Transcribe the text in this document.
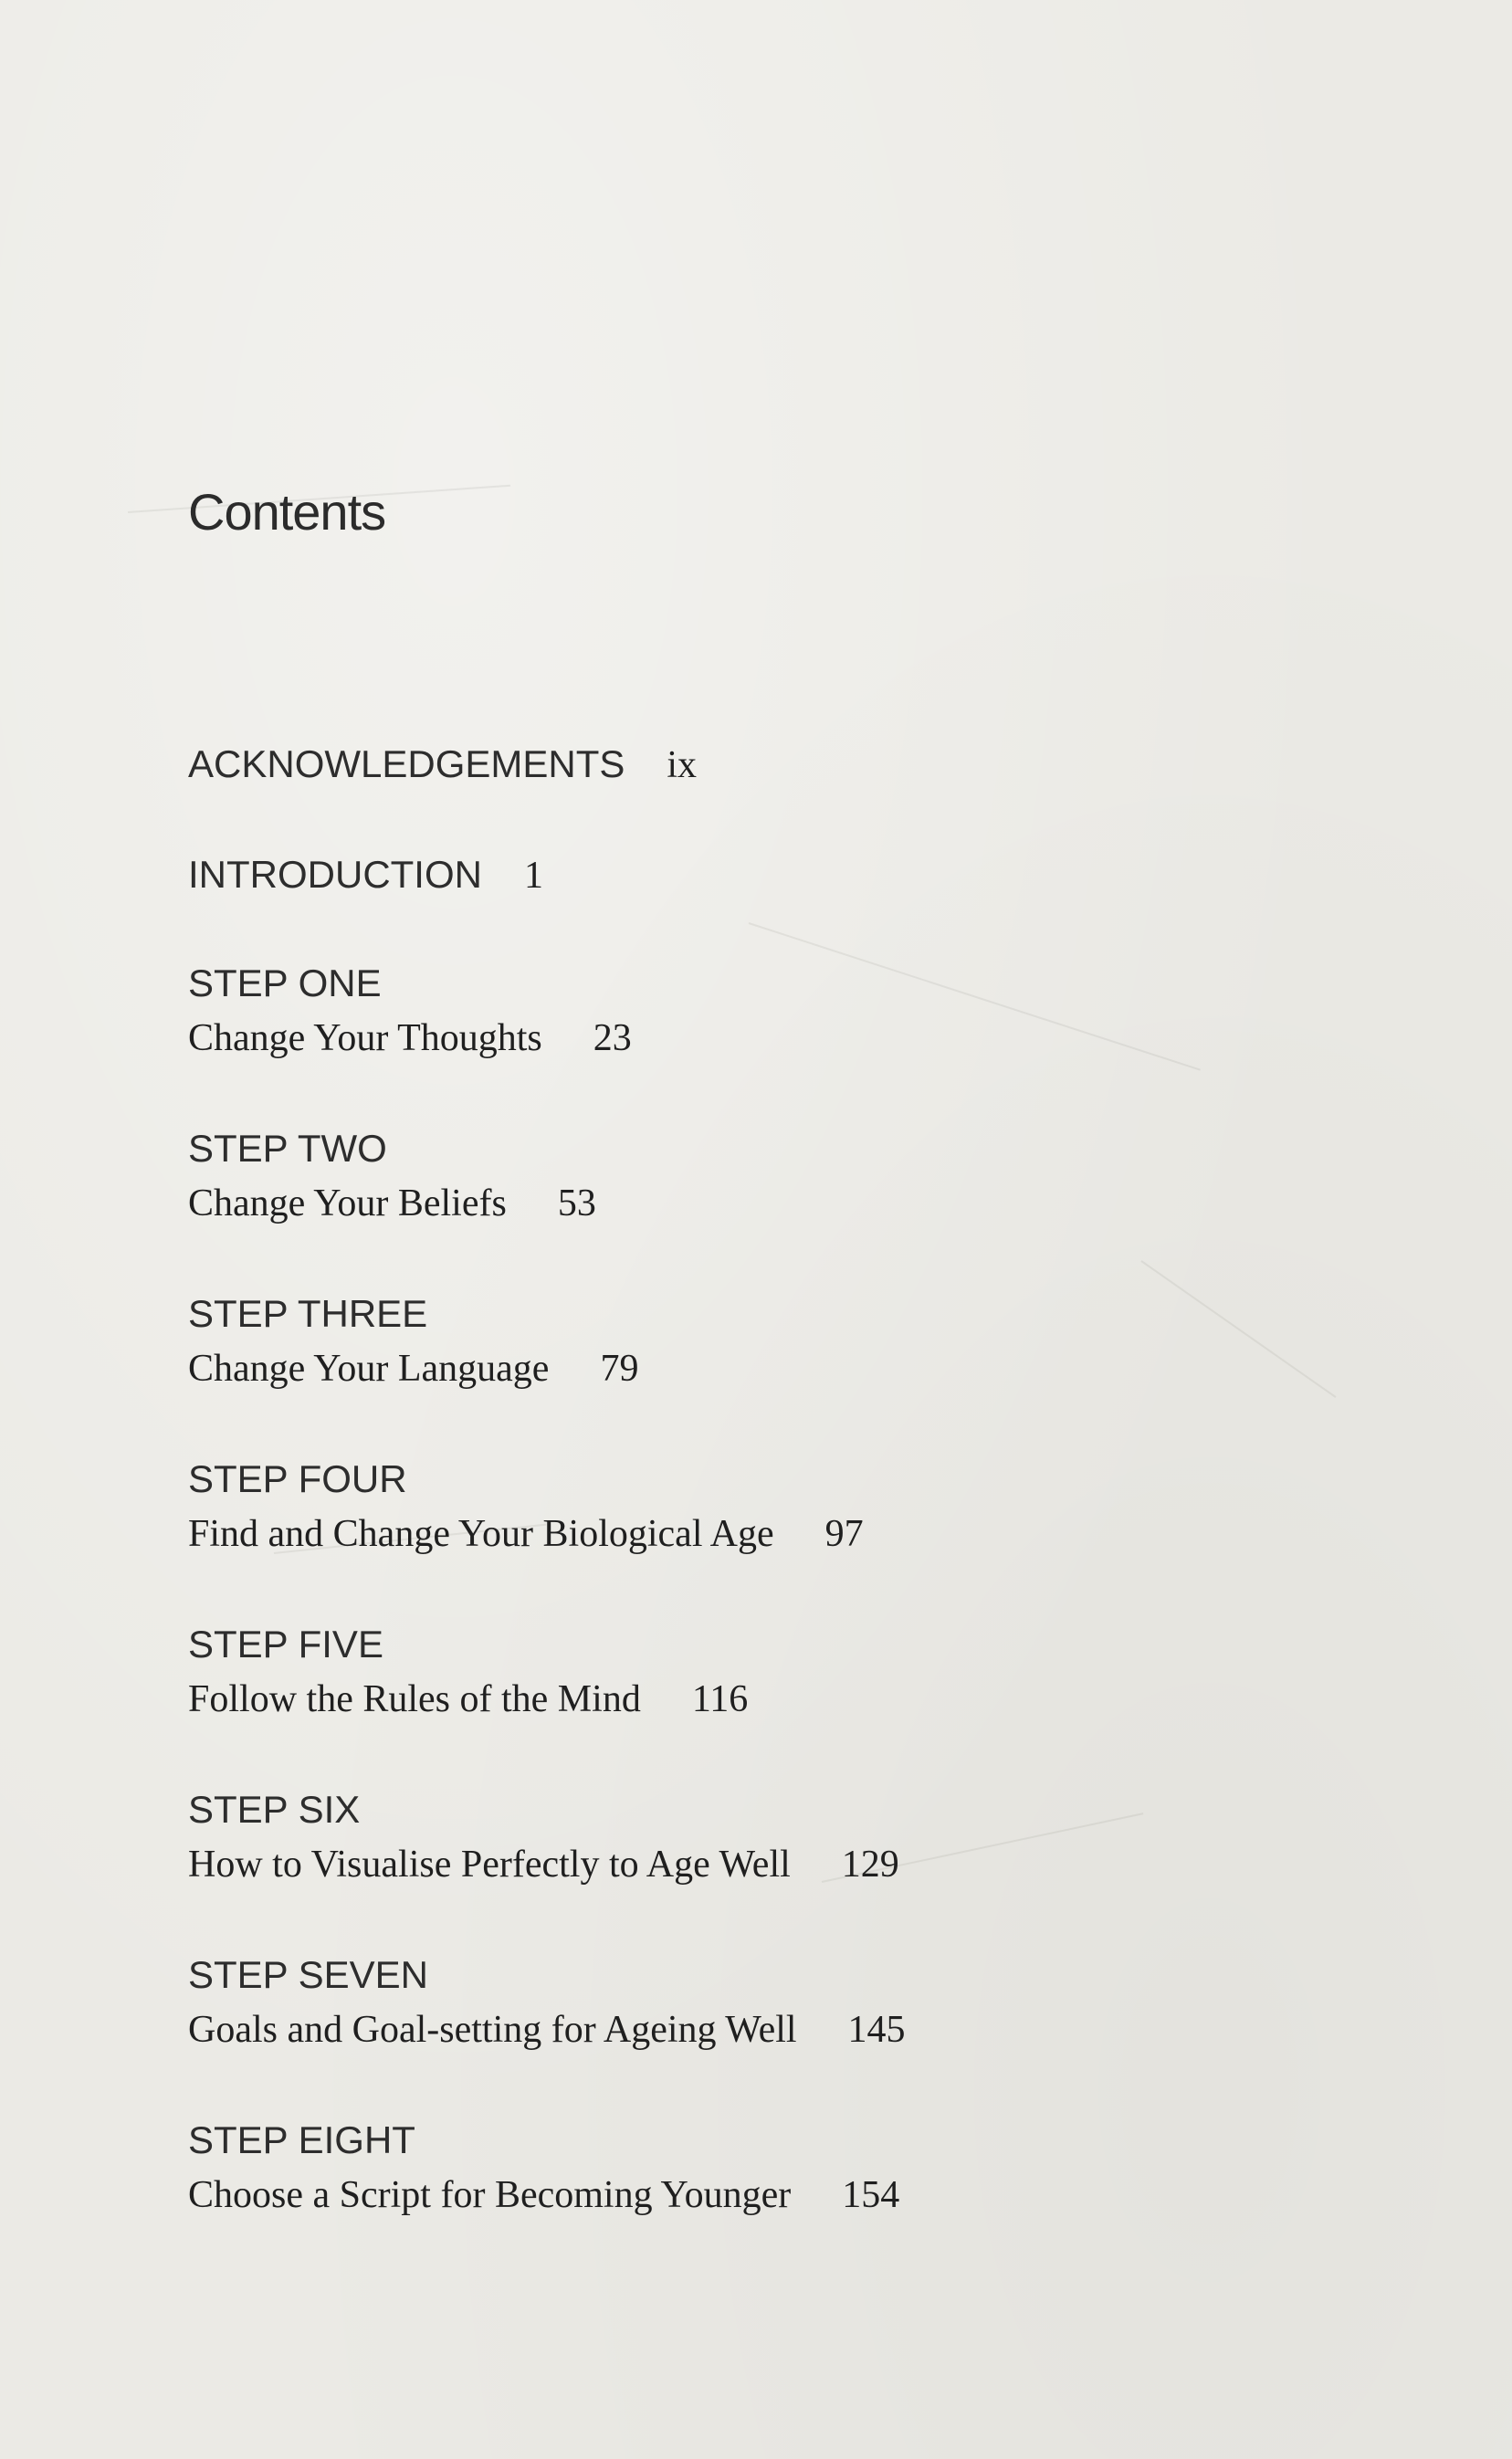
Contents
ACKNOWLEDGEMENTS ix
INTRODUCTION 1
STEP ONE
Change Your Thoughts 23
STEP TWO
Change Your Beliefs 53
STEP THREE
Change Your Language 79
STEP FOUR
Find and Change Your Biological Age 97
STEP FIVE
Follow the Rules of the Mind 116
STEP SIX
How to Visualise Perfectly to Age Well 129
STEP SEVEN
Goals and Goal-setting for Ageing Well 145
STEP EIGHT
Choose a Script for Becoming Younger 154
